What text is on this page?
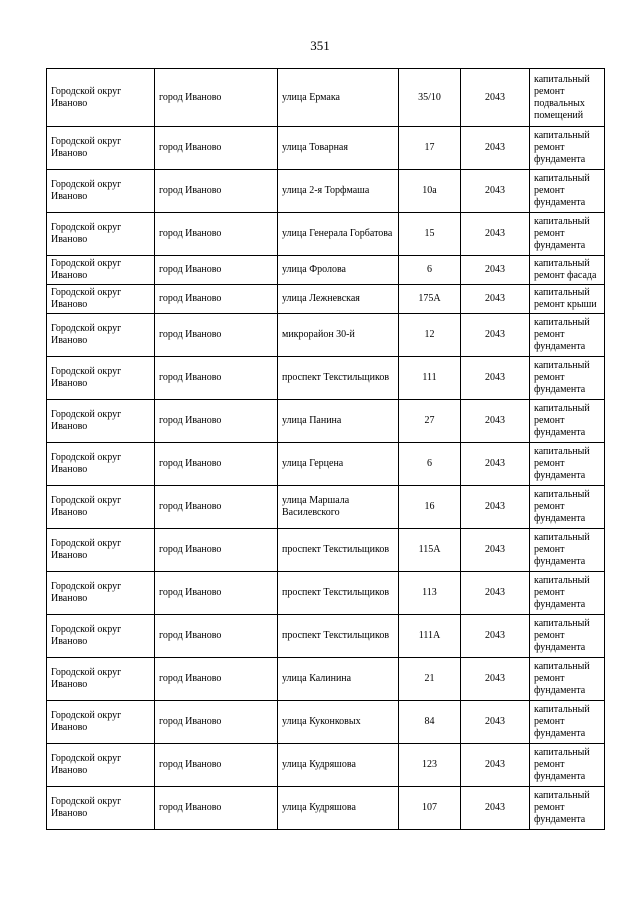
351
Городской округ Иваново	город Иваново	улица Ермака	35/10	2043	капитальный ремонт подвальных помещений
Городской округ Иваново	город Иваново	улица Товарная	17	2043	капитальный ремонт фундамента
Городской округ Иваново	город Иваново	улица 2-я Торфмаша	10а	2043	капитальный ремонт фундамента
Городской округ Иваново	город Иваново	улица Генерала Горбатова	15	2043	капитальный ремонт фундамента
Городской округ Иваново	город Иваново	улица Фролова	6	2043	капитальный ремонт фасада
Городской округ Иваново	город Иваново	улица Лежневская	175А	2043	капитальный ремонт крыши
Городской округ Иваново	город Иваново	микрорайон 30-й	12	2043	капитальный ремонт фундамента
Городской округ Иваново	город Иваново	проспект Текстильщиков	111	2043	капитальный ремонт фундамента
Городской округ Иваново	город Иваново	улица Панина	27	2043	капитальный ремонт фундамента
Городской округ Иваново	город Иваново	улица Герцена	6	2043	капитальный ремонт фундамента
Городской округ Иваново	город Иваново	улица Маршала Василевского	16	2043	капитальный ремонт фундамента
Городской округ Иваново	город Иваново	проспект Текстильщиков	115А	2043	капитальный ремонт фундамента
Городской округ Иваново	город Иваново	проспект Текстильщиков	113	2043	капитальный ремонт фундамента
Городской округ Иваново	город Иваново	проспект Текстильщиков	111А	2043	капитальный ремонт фундамента
Городской округ Иваново	город Иваново	улица Калинина	21	2043	капитальный ремонт фундамента
Городской округ Иваново	город Иваново	улица Куконковых	84	2043	капитальный ремонт фундамента
Городской округ Иваново	город Иваново	улица Кудряшова	123	2043	капитальный ремонт фундамента
Городской округ Иваново	город Иваново	улица Кудряшова	107	2043	капитальный ремонт фундамента
